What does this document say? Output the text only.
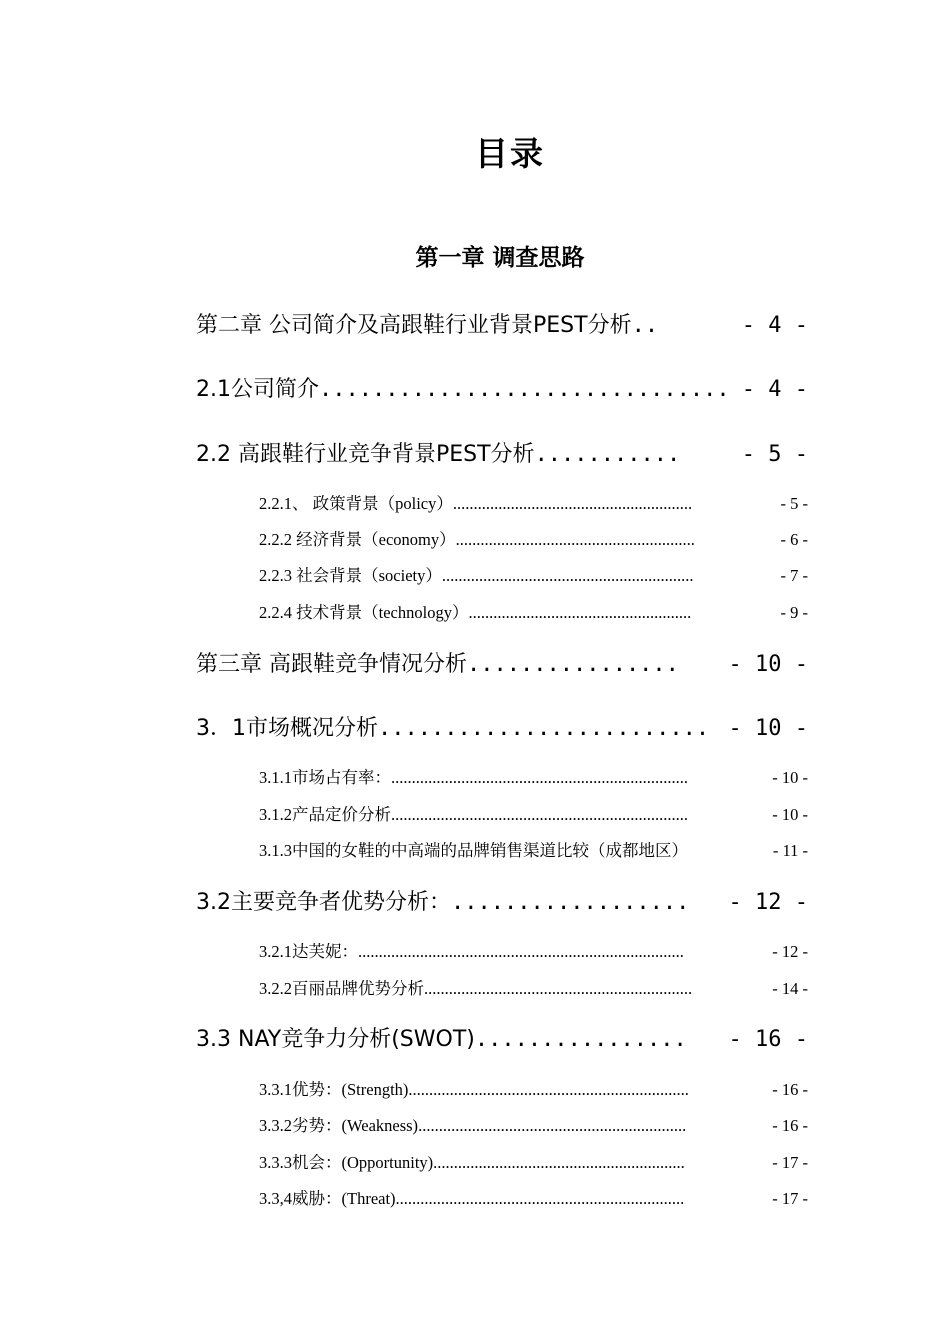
目录
第一章 调查思路
第二章 公司简介及高跟鞋行业背景PEST分析 ..	- 4 -
2.1公司简介 ............................... - 4 -
2.2 高跟鞋行业竞争背景PEST分析 ...........	- 5 -
2.2.1、 政策背景（policy） ..........................................................	- 5 -
2.2.2 经济背景（economy） ..........................................................	- 6 -
2.2.3 社会背景（society） .............................................................	- 7 -
2.2.4 技术背景（technology） ......................................................	- 9 -
第三章 高跟鞋竞争情况分析 ................	- 10 -
3．1市场概况分析 ......................... - 10 -
3.1.1市场占有率： ........................................................................	- 10 -
3.1.2产品定价分析 ........................................................................	- 10 -
3.1.3中国的女鞋的中高端的品牌销售渠道比较（成都地区）	- 11 -
3.2主要竞争者优势分析： ..................	- 12 -
3.2.1达芙妮： ...............................................................................	- 12 -
3.2.2百丽品牌优势分析 .................................................................	- 14 -
3.3 NAY竞争力分析(SWOT) ................	- 16 -
3.3.1优势：(Strength) ....................................................................	- 16 -
3.3.2劣势：(Weakness) .................................................................	- 16 -
3.3.3机会：(Opportunity) .............................................................	- 17 -
3.3,4威胁：(Threat) ......................................................................	- 17 -
